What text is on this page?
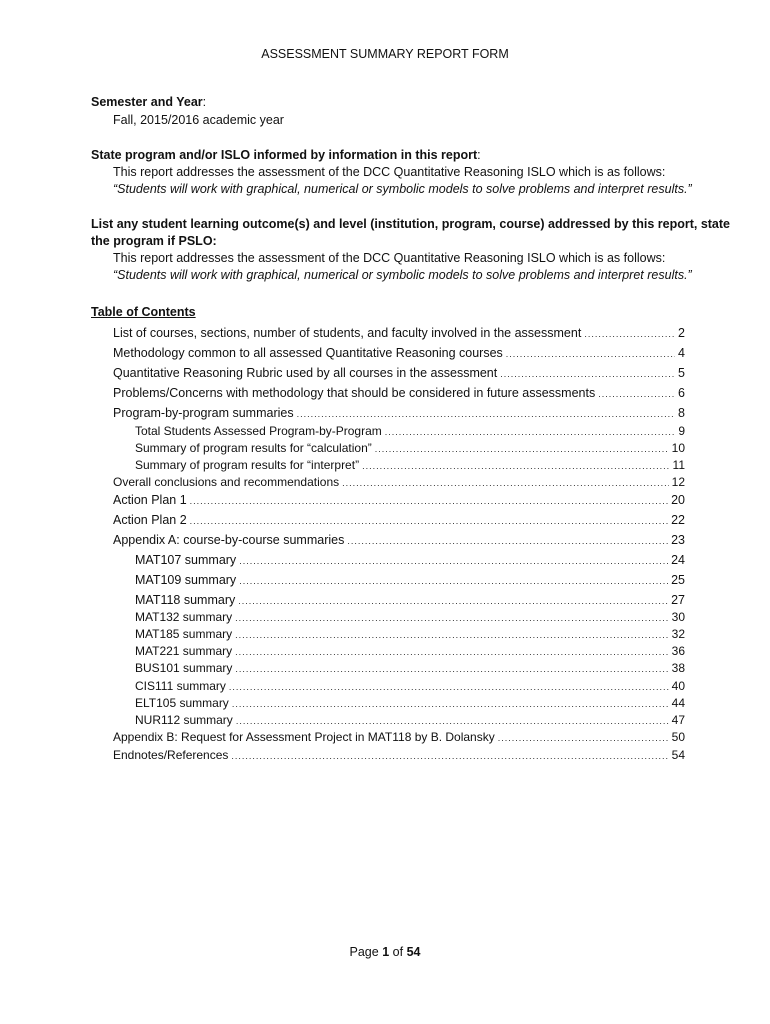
ASSESSMENT SUMMARY REPORT FORM
Semester and Year:
Fall, 2015/2016 academic year
State program and/or ISLO informed by information in this report:
This report addresses the assessment of the DCC Quantitative Reasoning ISLO which is as follows:
“Students will work with graphical, numerical or symbolic models to solve problems and interpret results.”
List any student learning outcome(s) and level (institution, program, course) addressed by this report, state
the program if PSLO:
This report addresses the assessment of the DCC Quantitative Reasoning ISLO which is as follows:
“Students will work with graphical, numerical or symbolic models to solve problems and interpret results.”
Table of Contents
List of courses, sections, number of students, and faculty involved in the assessment .....	2
Methodology common to all assessed Quantitative Reasoning courses .....	4
Quantitative Reasoning Rubric used by all courses in the assessment .....	5
Problems/Concerns with methodology that should be considered in future assessments .....	6
Program-by-program summaries .....	8
Total Students Assessed Program-by-Program .....	9
Summary of program results for “calculation” .....	10
Summary of program results for “interpret” .....	11
Overall conclusions and recommendations .....	12
Action Plan 1 .....	20
Action Plan 2 .....	22
Appendix A: course-by-course summaries .....	23
MAT107 summary .....	24
MAT109 summary .....	25
MAT118 summary .....	27
MAT132 summary .....	30
MAT185 summary .....	32
MAT221 summary .....	36
BUS101 summary .....	38
CIS111 summary .....	40
ELT105 summary .....	44
NUR112 summary .....	47
Appendix B: Request for Assessment Project in MAT118 by B. Dolansky .....	50
Endnotes/References .....	54
Page 1 of 54
